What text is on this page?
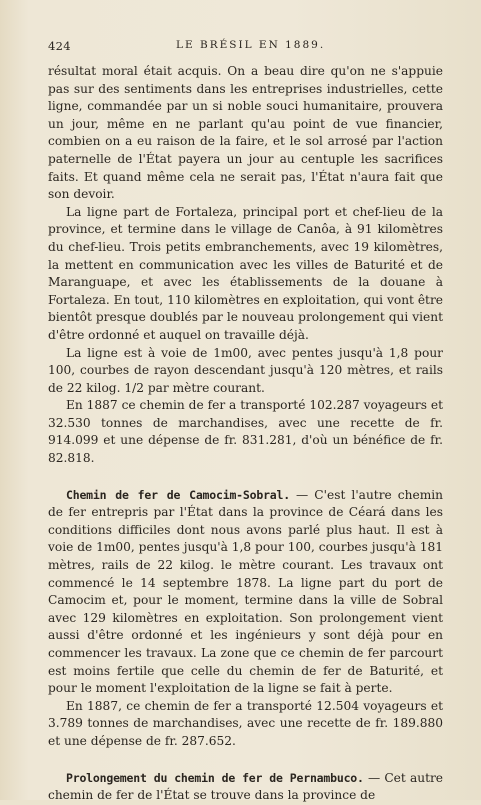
424	LE BRÉSIL EN 1889.

résultat moral était acquis. On a beau dire qu'on ne s'appuie pas sur des sentiments dans les entreprises industrielles, cette ligne, commandée par un si noble souci humanitaire, prouvera un jour, même en ne parlant qu'au point de vue financier, combien on a eu raison de la faire, et le sol arrosé par l'action paternelle de l'État payera un jour au centuple les sacrifices faits. Et quand même cela ne serait pas, l'État n'aura fait que son devoir.

La ligne part de Fortaleza, principal port et chef-lieu de la province, et termine dans le village de Canôa, à 91 kilomètres du chef-lieu. Trois petits embranchements, avec 19 kilomètres, la mettent en communication avec les villes de Baturité et de Maranguape, et avec les établissements de la douane à Fortaleza. En tout, 110 kilomètres en exploitation, qui vont être bientôt presque doublés par le nouveau prolongement qui vient d'être ordonné et auquel on travaille déjà.

La ligne est à voie de 1m00, avec pentes jusqu'à 1,8 pour 100, courbes de rayon descendant jusqu'à 120 mètres, et rails de 22 kilog. 1/2 par mètre courant.

En 1887 ce chemin de fer a transporté 102.287 voyageurs et 32.530 tonnes de marchandises, avec une recette de fr. 914.099 et une dépense de fr. 831.281, d'où un bénéfice de fr. 82.818.

Chemin de fer de Camocim-Sobral. — C'est l'autre chemin de fer entrepris par l'État dans la province de Céará dans les conditions difficiles dont nous avons parlé plus haut. Il est à voie de 1m00, pentes jusqu'à 1,8 pour 100, courbes jusqu'à 181 mètres, rails de 22 kilog. le mètre courant. Les travaux ont commencé le 14 septembre 1878. La ligne part du port de Camocim et, pour le moment, termine dans la ville de Sobral avec 129 kilomètres en exploitation. Son prolongement vient aussi d'être ordonné et les ingénieurs y sont déjà pour en commencer les travaux. La zone que ce chemin de fer parcourt est moins fertile que celle du chemin de fer de Baturité, et pour le moment l'exploitation de la ligne se fait à perte.

En 1887, ce chemin de fer a transporté 12.504 voyageurs et 3.789 tonnes de marchandises, avec une recette de fr. 189.880 et une dépense de fr. 287.652.

Prolongement du chemin de fer de Pernambuco. — Cet autre chemin de fer de l'État se trouve dans la province de
